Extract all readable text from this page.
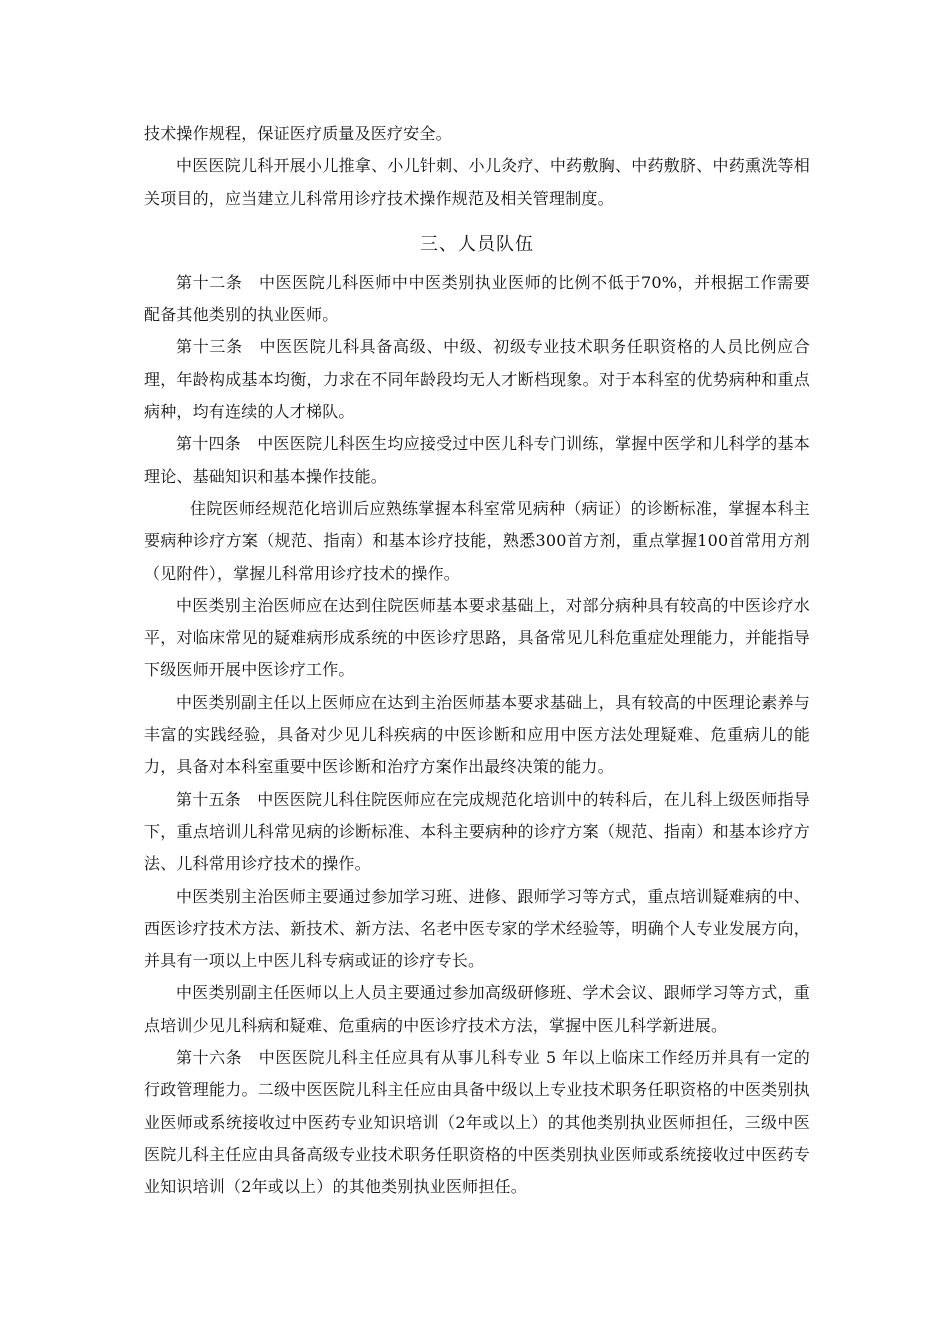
技术操作规程，保证医疗质量及医疗安全。

中医医院儿科开展小儿推拿、小儿针刺、小儿灸疗、中药敷胸、中药敷脐、中药熏洗等相关项目的，应当建立儿科常用诊疗技术操作规范及相关管理制度。

三、人员队伍

第十二条　中医医院儿科医师中中医类别执业医师的比例不低于70%，并根据工作需要配备其他类别的执业医师。

第十三条　中医医院儿科具备高级、中级、初级专业技术职务任职资格的人员比例应合理，年龄构成基本均衡，力求在不同年龄段均无人才断档现象。对于本科室的优势病种和重点病种，均有连续的人才梯队。

第十四条　中医医院儿科医生均应接受过中医儿科专门训练，掌握中医学和儿科学的基本理论、基础知识和基本操作技能。

住院医师经规范化培训后应熟练掌握本科室常见病种（病证）的诊断标准，掌握本科主要病种诊疗方案（规范、指南）和基本诊疗技能，熟悉300首方剂，重点掌握100首常用方剂（见附件），掌握儿科常用诊疗技术的操作。

中医类别主治医师应在达到住院医师基本要求基础上，对部分病种具有较高的中医诊疗水平，对临床常见的疑难病形成系统的中医诊疗思路，具备常见儿科危重症处理能力，并能指导下级医师开展中医诊疗工作。

中医类别副主任以上医师应在达到主治医师基本要求基础上，具有较高的中医理论素养与丰富的实践经验，具备对少见儿科疾病的中医诊断和应用中医方法处理疑难、危重病儿的能力，具备对本科室重要中医诊断和治疗方案作出最终决策的能力。

第十五条　中医医院儿科住院医师应在完成规范化培训中的转科后，在儿科上级医师指导下，重点培训儿科常见病的诊断标准、本科主要病种的诊疗方案（规范、指南）和基本诊疗方法、儿科常用诊疗技术的操作。

中医类别主治医师主要通过参加学习班、进修、跟师学习等方式，重点培训疑难病的中、西医诊疗技术方法、新技术、新方法、名老中医专家的学术经验等，明确个人专业发展方向，并具有一项以上中医儿科专病或证的诊疗专长。

中医类别副主任医师以上人员主要通过参加高级研修班、学术会议、跟师学习等方式，重点培训少见儿科病和疑难、危重病的中医诊疗技术方法，掌握中医儿科学新进展。

第十六条　中医医院儿科主任应具有从事儿科专业 5 年以上临床工作经历并具有一定的行政管理能力。二级中医医院儿科主任应由具备中级以上专业技术职务任职资格的中医类别执业医师或系统接收过中医药专业知识培训（2年或以上）的其他类别执业医师担任，三级中医医院儿科主任应由具备高级专业技术职务任职资格的中医类别执业医师或系统接收过中医药专业知识培训（2年或以上）的其他类别执业医师担任。
